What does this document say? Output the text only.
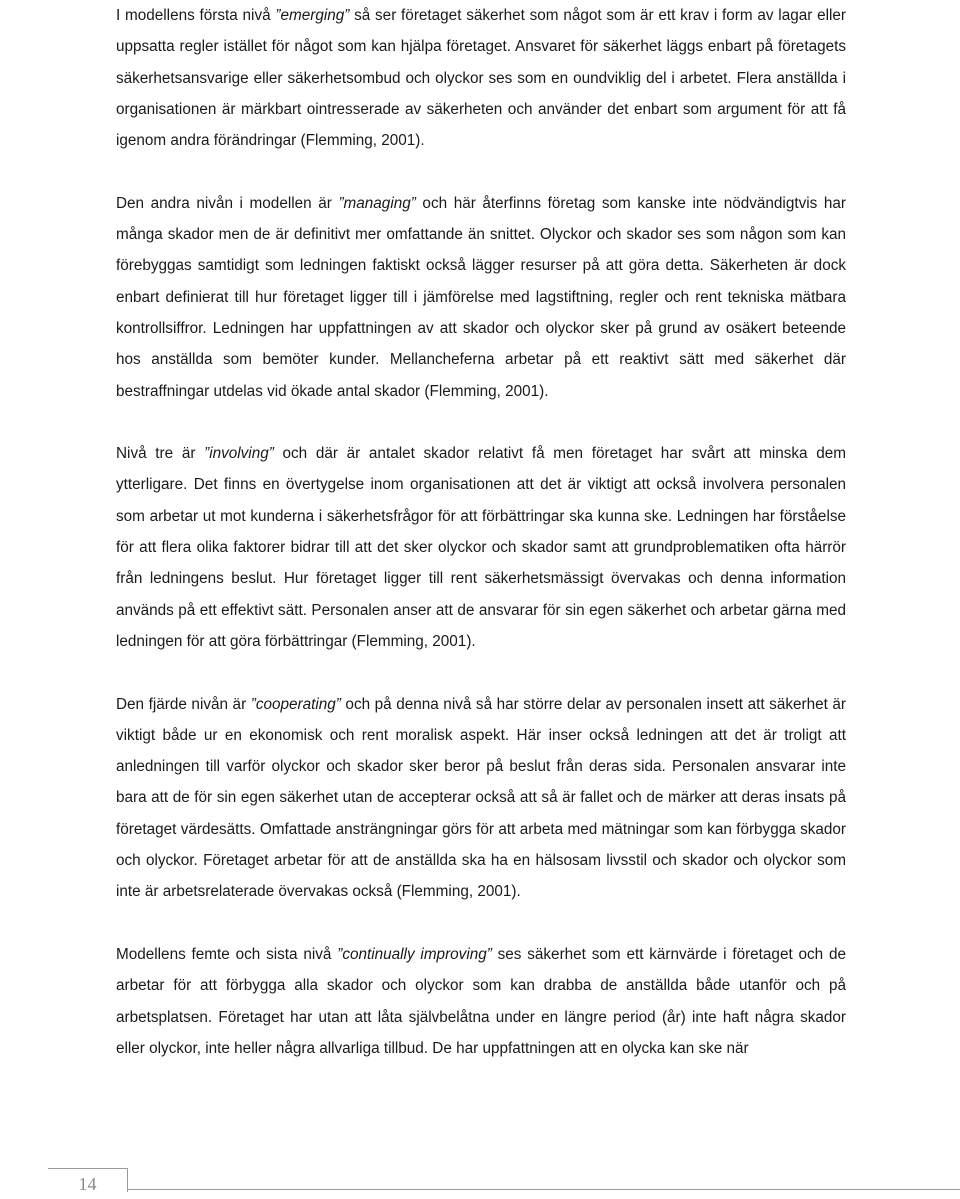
I modellens första nivå ”emerging” så ser företaget säkerhet som något som är ett krav i form av lagar eller uppsatta regler istället för något som kan hjälpa företaget. Ansvaret för säkerhet läggs enbart på företagets säkerhetsansvarige eller säkerhetsombud och olyckor ses som en oundviklig del i arbetet. Flera anställda i organisationen är märkbart ointresserade av säkerheten och använder det enbart som argument för att få igenom andra förändringar (Flemming, 2001).

Den andra nivån i modellen är ”managing” och här återfinns företag som kanske inte nödvändigtvis har många skador men de är definitivt mer omfattande än snittet. Olyckor och skador ses som någon som kan förebyggas samtidigt som ledningen faktiskt också lägger resurser på att göra detta. Säkerheten är dock enbart definierat till hur företaget ligger till i jämförelse med lagstiftning, regler och rent tekniska mätbara kontrollsiffror. Ledningen har uppfattningen av att skador och olyckor sker på grund av osäkert beteende hos anställda som bemöter kunder. Mellancheferna arbetar på ett reaktivt sätt med säkerhet där bestraffningar utdelas vid ökade antal skador (Flemming, 2001).

Nivå tre är ”involving” och där är antalet skador relativt få men företaget har svårt att minska dem ytterligare. Det finns en övertygelse inom organisationen att det är viktigt att också involvera personalen som arbetar ut mot kunderna i säkerhetsfrågor för att förbättringar ska kunna ske. Ledningen har förståelse för att flera olika faktorer bidrar till att det sker olyckor och skador samt att grundproblematiken ofta härrör från ledningens beslut. Hur företaget ligger till rent säkerhetsmässigt övervakas och denna information används på ett effektivt sätt. Personalen anser att de ansvarar för sin egen säkerhet och arbetar gärna med ledningen för att göra förbättringar (Flemming, 2001).

Den fjärde nivån är ”cooperating” och på denna nivå så har större delar av personalen insett att säkerhet är viktigt både ur en ekonomisk och rent moralisk aspekt. Här inser också ledningen att det är troligt att anledningen till varför olyckor och skador sker beror på beslut från deras sida. Personalen ansvarar inte bara att de för sin egen säkerhet utan de accepterar också att så är fallet och de märker att deras insats på företaget värdesätts. Omfattade ansträngningar görs för att arbeta med mätningar som kan förbygga skador och olyckor. Företaget arbetar för att de anställda ska ha en hälsosam livsstil och skador och olyckor som inte är arbetsrelaterade övervakas också (Flemming, 2001).

Modellens femte och sista nivå ”continually improving” ses säkerhet som ett kärnvärde i företaget och de arbetar för att förbygga alla skador och olyckor som kan drabba de anställda både utanför och på arbetsplatsen. Företaget har utan att låta självbelåtna under en längre period (år) inte haft några skador eller olyckor, inte heller några allvarliga tillbud. De har uppfattningen att en olycka kan ske när

14
